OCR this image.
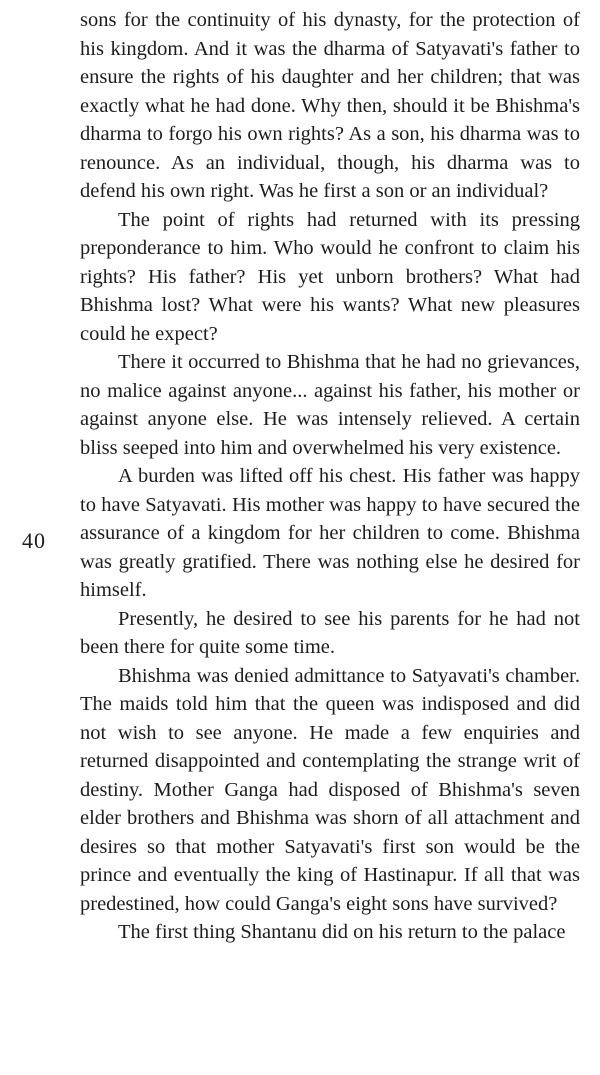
40

sons for the continuity of his dynasty, for the protection of his kingdom. And it was the dharma of Satyavati's father to ensure the rights of his daughter and her children; that was exactly what he had done. Why then, should it be Bhishma's dharma to forgo his own rights? As a son, his dharma was to renounce. As an individual, though, his dharma was to defend his own right. Was he first a son or an individual?

The point of rights had returned with its pressing preponderance to him. Who would he confront to claim his rights? His father? His yet unborn brothers? What had Bhishma lost? What were his wants? What new pleasures could he expect?

There it occurred to Bhishma that he had no grievances, no malice against anyone... against his father, his mother or against anyone else. He was intensely relieved. A certain bliss seeped into him and overwhelmed his very existence.

A burden was lifted off his chest. His father was happy to have Satyavati. His mother was happy to have secured the assurance of a kingdom for her children to come. Bhishma was greatly gratified. There was nothing else he desired for himself.

Presently, he desired to see his parents for he had not been there for quite some time.

Bhishma was denied admittance to Satyavati's chamber. The maids told him that the queen was indisposed and did not wish to see anyone. He made a few enquiries and returned disappointed and contemplating the strange writ of destiny. Mother Ganga had disposed of Bhishma's seven elder brothers and Bhishma was shorn of all attachment and desires so that mother Satyavati's first son would be the prince and eventually the king of Hastinapur. If all that was predestined, how could Ganga's eight sons have survived?

The first thing Shantanu did on his return to the palace
